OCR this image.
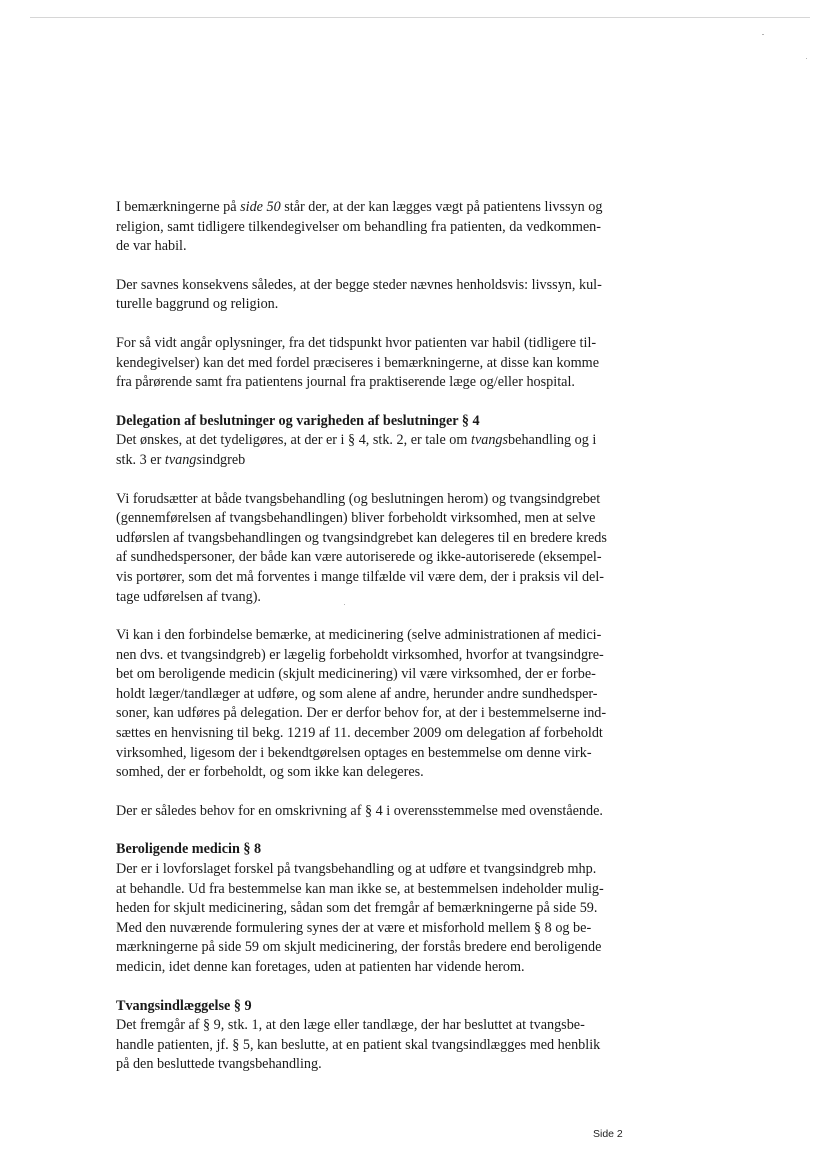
I bemærkningerne på side 50 står der, at der kan lægges vægt på patientens livssyn og
religion, samt tidligere tilkendegivelser om behandling fra patienten, da vedkommen-
de var habil.

Der savnes konsekvens således, at der begge steder nævnes henholdsvis: livssyn, kul-
turelle baggrund og religion.

For så vidt angår oplysninger, fra det tidspunkt hvor patienten var habil (tidligere til-
kendegivelser) kan det med fordel præciseres i bemærkningerne, at disse kan komme
fra pårørende samt fra patientens journal fra praktiserende læge og/eller hospital.

Delegation af beslutninger og varigheden af beslutninger § 4

Det ønskes, at det tydeligøres, at der er i § 4, stk. 2, er tale om tvangsbehandling og i
stk. 3 er tvangsindgreb

Vi forudsætter at både tvangsbehandling (og beslutningen herom) og tvangsindgrebet
(gennemførelsen af tvangsbehandlingen) bliver forbeholdt virksomhed, men at selve
udførslen af tvangsbehandlingen og tvangsindgrebet kan delegeres til en bredere kreds
af sundhedspersoner, der både kan være autoriserede og ikke-autoriserede (eksempel-
vis portører, som det må forventes i mange tilfælde vil være dem, der i praksis vil del-
tage udførelsen af tvang).

Vi kan i den forbindelse bemærke, at medicinering (selve administrationen af medici-
nen dvs. et tvangsindgreb) er lægelig forbeholdt virksomhed, hvorfor at tvangsindgre-
bet om beroligende medicin (skjult medicinering) vil være virksomhed, der er forbe-
holdt læger/tandlæger at udføre, og som alene af andre, herunder andre sundhedsper-
soner, kan udføres på delegation. Der er derfor behov for, at der i bestemmelserne ind-
sættes en henvisning til bekg. 1219 af 11. december 2009 om delegation af forbeholdt
virksomhed, ligesom der i bekendtgørelsen optages en bestemmelse om denne virk-
somhed, der er forbeholdt, og som ikke kan delegeres.

Der er således behov for en omskrivning af § 4 i overensstemmelse med ovenstående.

Beroligende medicin § 8

Der er i lovforslaget forskel på tvangsbehandling og at udføre et tvangsindgreb mhp.
at behandle. Ud fra bestemmelse kan man ikke se, at bestemmelsen indeholder mulig-
heden for skjult medicinering, sådan som det fremgår af bemærkningerne på side 59.
Med den nuværende formulering synes der at være et misforhold mellem § 8 og be-
mærkningerne på side 59 om skjult medicinering, der forstås bredere end beroligende
medicin, idet denne kan foretages, uden at patienten har vidende herom.

Tvangsindlæggelse § 9

Det fremgår af § 9, stk. 1, at den læge eller tandlæge, der har besluttet at tvangsbe-
handle patienten, jf. § 5, kan beslutte, at en patient skal tvangsindlægges med henblik
på den besluttede tvangsbehandling.

Side 2
